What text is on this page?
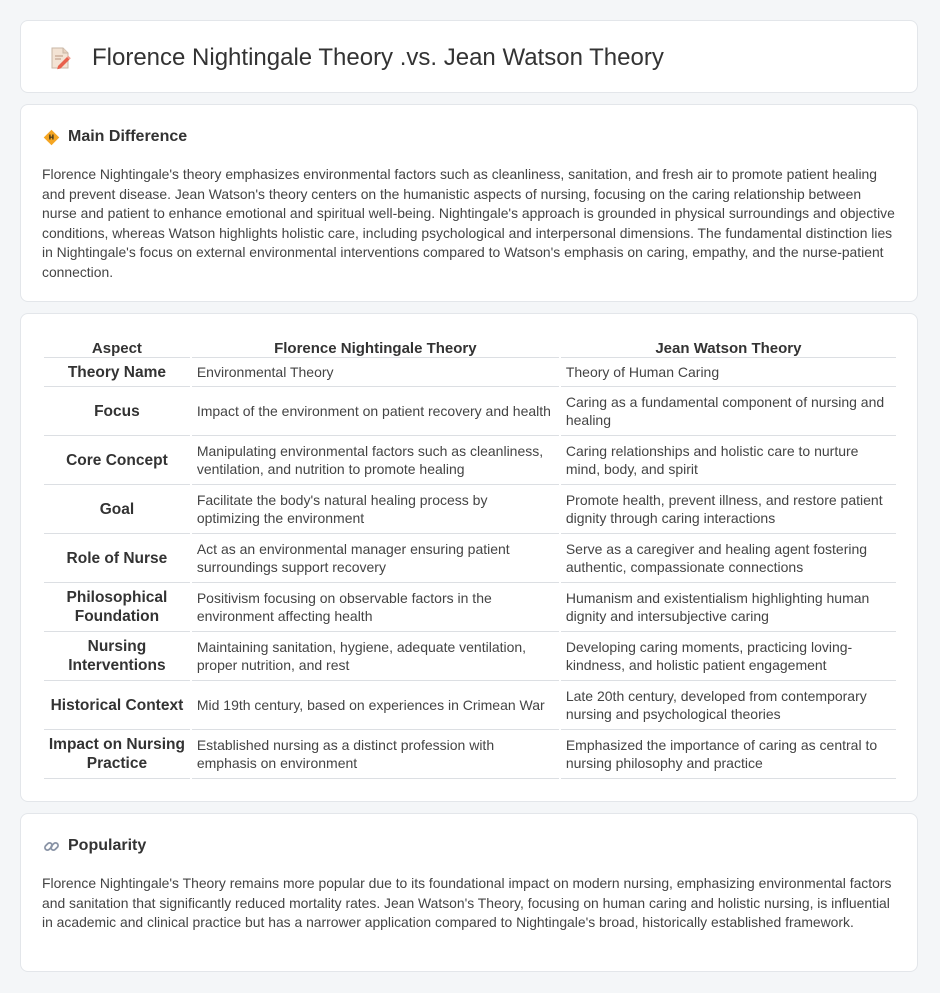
Florence Nightingale Theory .vs. Jean Watson Theory
Main Difference

Florence Nightingale's theory emphasizes environmental factors such as cleanliness, sanitation, and fresh air to promote patient healing and prevent disease. Jean Watson's theory centers on the humanistic aspects of nursing, focusing on the caring relationship between nurse and patient to enhance emotional and spiritual well-being. Nightingale's approach is grounded in physical surroundings and objective conditions, whereas Watson highlights holistic care, including psychological and interpersonal dimensions. The fundamental distinction lies in Nightingale's focus on external environmental interventions compared to Watson's emphasis on caring, empathy, and the nurse-patient connection.

Aspect	Florence Nightingale Theory	Jean Watson Theory
Theory Name	Environmental Theory	Theory of Human Caring
Focus	Impact of the environment on patient recovery and health	Caring as a fundamental component of nursing and healing
Core Concept	Manipulating environmental factors such as cleanliness, ventilation, and nutrition to promote healing	Caring relationships and holistic care to nurture mind, body, and spirit
Goal	Facilitate the body's natural healing process by optimizing the environment	Promote health, prevent illness, and restore patient dignity through caring interactions
Role of Nurse	Act as an environmental manager ensuring patient surroundings support recovery	Serve as a caregiver and healing agent fostering authentic, compassionate connections
Philosophical Foundation	Positivism focusing on observable factors in the environment affecting health	Humanism and existentialism highlighting human dignity and intersubjective caring
Nursing Interventions	Maintaining sanitation, hygiene, adequate ventilation, proper nutrition, and rest	Developing caring moments, practicing loving-kindness, and holistic patient engagement
Historical Context	Mid 19th century, based on experiences in Crimean War	Late 20th century, developed from contemporary nursing and psychological theories
Impact on Nursing Practice	Established nursing as a distinct profession with emphasis on environment	Emphasized the importance of caring as central to nursing philosophy and practice
Popularity

Florence Nightingale's Theory remains more popular due to its foundational impact on modern nursing, emphasizing environmental factors and sanitation that significantly reduced mortality rates. Jean Watson's Theory, focusing on human caring and holistic nursing, is influential in academic and clinical practice but has a narrower application compared to Nightingale's broad, historically established framework.
